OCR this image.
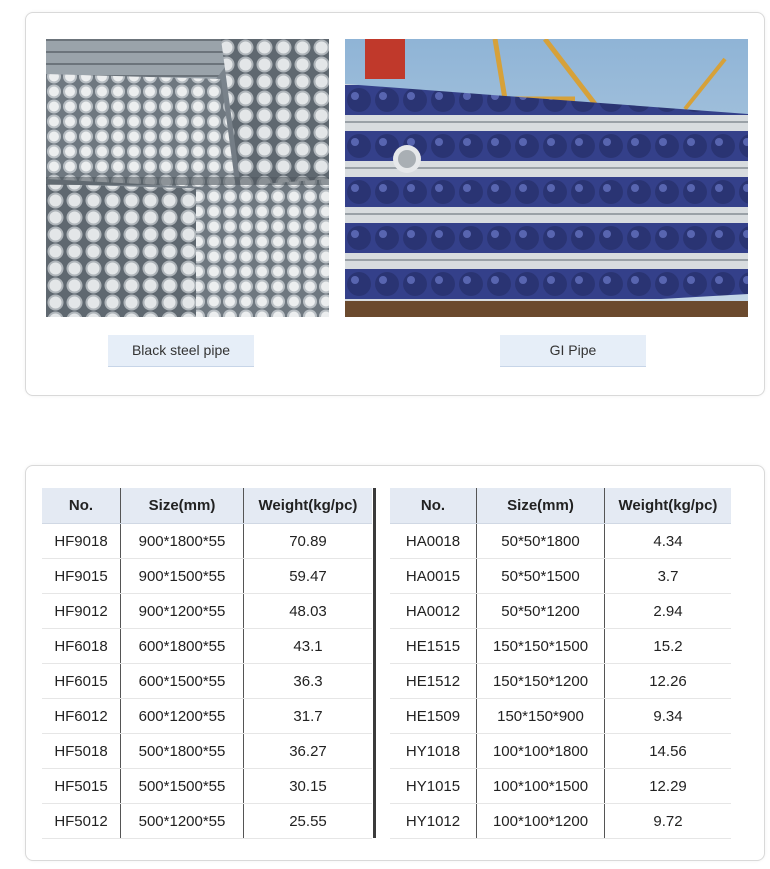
Black steel pipe	GI Pipe
No.	Size(mm)	Weight(kg/pc)
HF9018	900*1800*55	70.89
HF9015	900*1500*55	59.47
HF9012	900*1200*55	48.03
HF6018	600*1800*55	43.1
HF6015	600*1500*55	36.3
HF6012	600*1200*55	31.7
HF5018	500*1800*55	36.27
HF5015	500*1500*55	30.15
HF5012	500*1200*55	25.55
No.	Size(mm)	Weight(kg/pc)
HA0018	50*50*1800	4.34
HA0015	50*50*1500	3.7
HA0012	50*50*1200	2.94
HE1515	150*150*1500	15.2
HE1512	150*150*1200	12.26
HE1509	150*150*900	9.34
HY1018	100*100*1800	14.56
HY1015	100*100*1500	12.29
HY1012	100*100*1200	9.72
